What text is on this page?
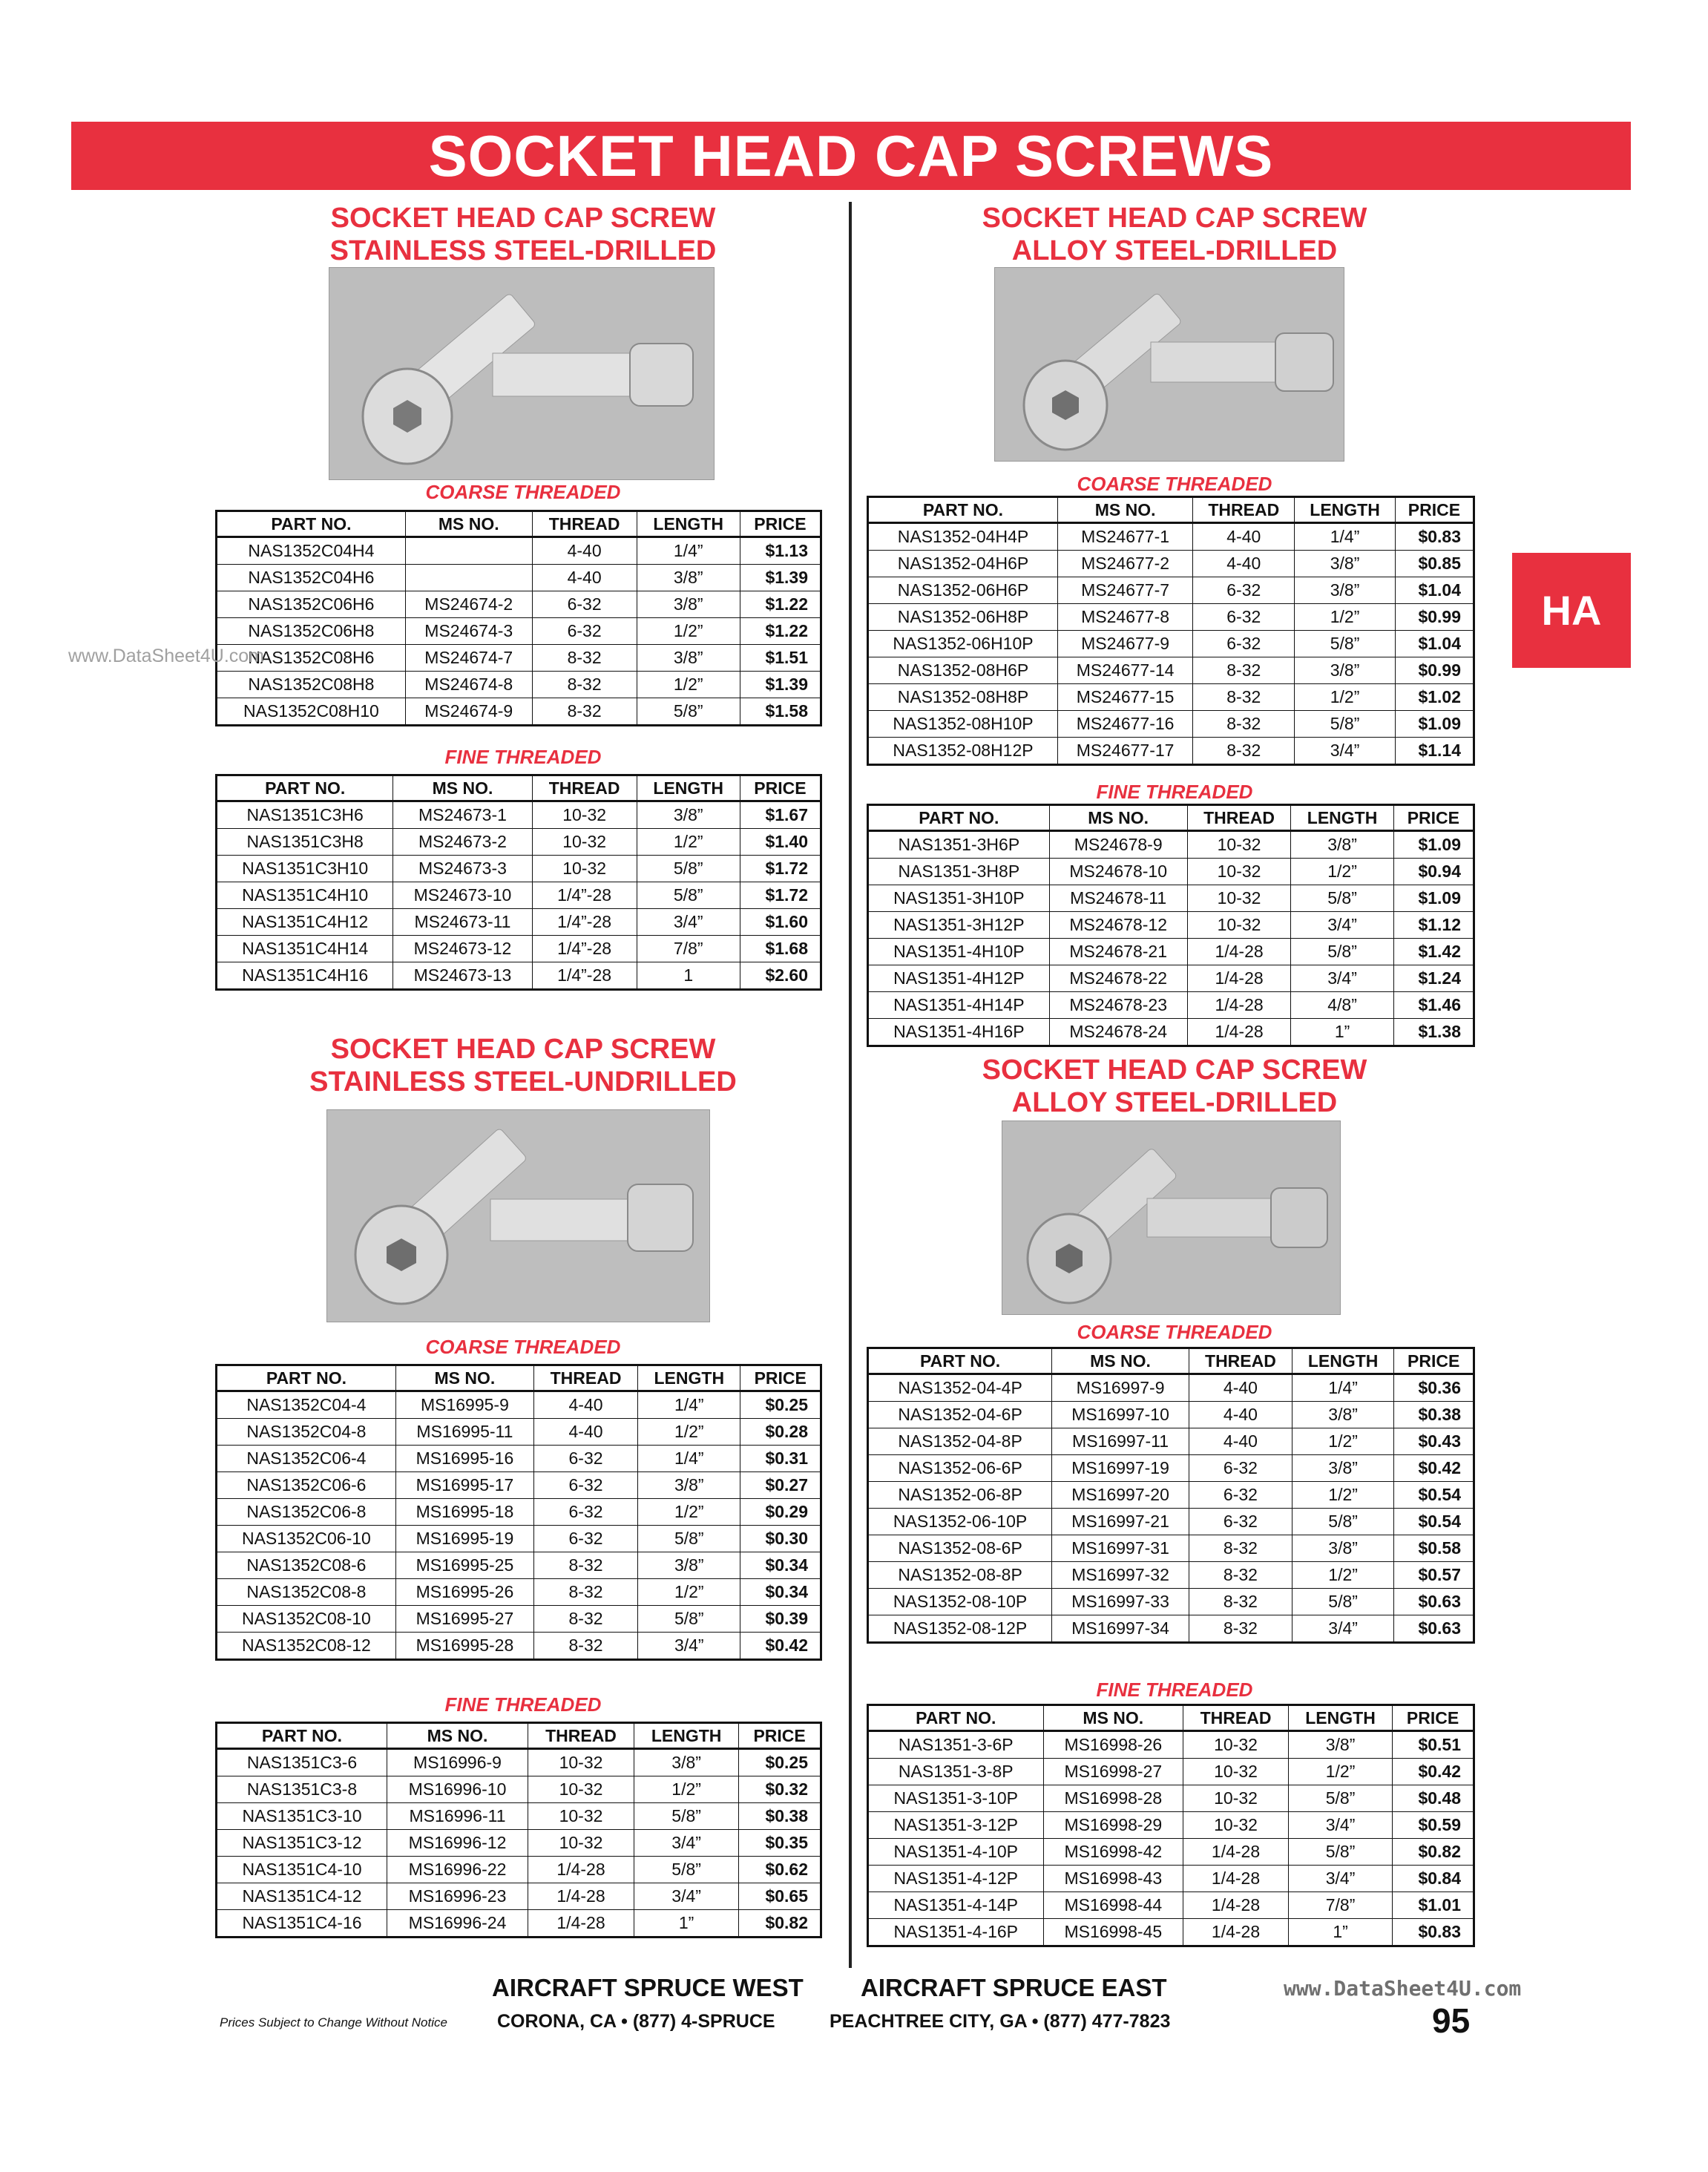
SOCKET HEAD CAP SCREWS
HA
SOCKET HEAD CAP SCREW
STAINLESS STEEL-DRILLED
COARSE THREADED
PART NO.	MS NO.	THREAD	LENGTH	PRICE
NAS1352C04H4		4-40	1/4”	$1.13
NAS1352C04H6		4-40	3/8”	$1.39
NAS1352C06H6	MS24674-2	6-32	3/8”	$1.22
NAS1352C06H8	MS24674-3	6-32	1/2”	$1.22
NAS1352C08H6	MS24674-7	8-32	3/8”	$1.51
NAS1352C08H8	MS24674-8	8-32	1/2”	$1.39
NAS1352C08H10	MS24674-9	8-32	5/8”	$1.58
FINE THREADED
PART NO.	MS NO.	THREAD	LENGTH	PRICE
NAS1351C3H6	MS24673-1	10-32	3/8”	$1.67
NAS1351C3H8	MS24673-2	10-32	1/2”	$1.40
NAS1351C3H10	MS24673-3	10-32	5/8”	$1.72
NAS1351C4H10	MS24673-10	1/4”-28	5/8”	$1.72
NAS1351C4H12	MS24673-11	1/4”-28	3/4”	$1.60
NAS1351C4H14	MS24673-12	1/4”-28	7/8”	$1.68
NAS1351C4H16	MS24673-13	1/4”-28	1	$2.60
SOCKET HEAD CAP SCREW
ALLOY STEEL-DRILLED
COARSE THREADED
PART NO.	MS NO.	THREAD	LENGTH	PRICE
NAS1352-04H4P	MS24677-1	4-40	1/4”	$0.83
NAS1352-04H6P	MS24677-2	4-40	3/8”	$0.85
NAS1352-06H6P	MS24677-7	6-32	3/8”	$1.04
NAS1352-06H8P	MS24677-8	6-32	1/2”	$0.99
NAS1352-06H10P	MS24677-9	6-32	5/8”	$1.04
NAS1352-08H6P	MS24677-14	8-32	3/8”	$0.99
NAS1352-08H8P	MS24677-15	8-32	1/2”	$1.02
NAS1352-08H10P	MS24677-16	8-32	5/8”	$1.09
NAS1352-08H12P	MS24677-17	8-32	3/4”	$1.14
FINE THREADED
PART NO.	MS NO.	THREAD	LENGTH	PRICE
NAS1351-3H6P	MS24678-9	10-32	3/8”	$1.09
NAS1351-3H8P	MS24678-10	10-32	1/2”	$0.94
NAS1351-3H10P	MS24678-11	10-32	5/8”	$1.09
NAS1351-3H12P	MS24678-12	10-32	3/4”	$1.12
NAS1351-4H10P	MS24678-21	1/4-28	5/8”	$1.42
NAS1351-4H12P	MS24678-22	1/4-28	3/4”	$1.24
NAS1351-4H14P	MS24678-23	1/4-28	4/8”	$1.46
NAS1351-4H16P	MS24678-24	1/4-28	1”	$1.38
SOCKET HEAD CAP SCREW
STAINLESS STEEL-UNDRILLED
COARSE THREADED
PART NO.	MS NO.	THREAD	LENGTH	PRICE
NAS1352C04-4	MS16995-9	4-40	1/4”	$0.25
NAS1352C04-8	MS16995-11	4-40	1/2”	$0.28
NAS1352C06-4	MS16995-16	6-32	1/4”	$0.31
NAS1352C06-6	MS16995-17	6-32	3/8”	$0.27
NAS1352C06-8	MS16995-18	6-32	1/2”	$0.29
NAS1352C06-10	MS16995-19	6-32	5/8”	$0.30
NAS1352C08-6	MS16995-25	8-32	3/8”	$0.34
NAS1352C08-8	MS16995-26	8-32	1/2”	$0.34
NAS1352C08-10	MS16995-27	8-32	5/8”	$0.39
NAS1352C08-12	MS16995-28	8-32	3/4”	$0.42
FINE THREADED
PART NO.	MS NO.	THREAD	LENGTH	PRICE
NAS1351C3-6	MS16996-9	10-32	3/8”	$0.25
NAS1351C3-8	MS16996-10	10-32	1/2”	$0.32
NAS1351C3-10	MS16996-11	10-32	5/8”	$0.38
NAS1351C3-12	MS16996-12	10-32	3/4”	$0.35
NAS1351C4-10	MS16996-22	1/4-28	5/8”	$0.62
NAS1351C4-12	MS16996-23	1/4-28	3/4”	$0.65
NAS1351C4-16	MS16996-24	1/4-28	1”	$0.82
SOCKET HEAD CAP SCREW
ALLOY STEEL-DRILLED
COARSE THREADED
PART NO.	MS NO.	THREAD	LENGTH	PRICE
NAS1352-04-4P	MS16997-9	4-40	1/4”	$0.36
NAS1352-04-6P	MS16997-10	4-40	3/8”	$0.38
NAS1352-04-8P	MS16997-11	4-40	1/2”	$0.43
NAS1352-06-6P	MS16997-19	6-32	3/8”	$0.42
NAS1352-06-8P	MS16997-20	6-32	1/2”	$0.54
NAS1352-06-10P	MS16997-21	6-32	5/8”	$0.54
NAS1352-08-6P	MS16997-31	8-32	3/8”	$0.58
NAS1352-08-8P	MS16997-32	8-32	1/2”	$0.57
NAS1352-08-10P	MS16997-33	8-32	5/8”	$0.63
NAS1352-08-12P	MS16997-34	8-32	3/4”	$0.63
FINE THREADED
PART NO.	MS NO.	THREAD	LENGTH	PRICE
NAS1351-3-6P	MS16998-26	10-32	3/8”	$0.51
NAS1351-3-8P	MS16998-27	10-32	1/2”	$0.42
NAS1351-3-10P	MS16998-28	10-32	5/8”	$0.48
NAS1351-3-12P	MS16998-29	10-32	3/4”	$0.59
NAS1351-4-10P	MS16998-42	1/4-28	5/8”	$0.82
NAS1351-4-12P	MS16998-43	1/4-28	3/4”	$0.84
NAS1351-4-14P	MS16998-44	1/4-28	7/8”	$1.01
NAS1351-4-16P	MS16998-45	1/4-28	1”	$0.83
AIRCRAFT SPRUCE WEST AIRCRAFT SPRUCE EAST
CORONA, CA • (877) 4-SPRUCE	PEACHTREE CITY, GA • (877) 477-7823
Prices Subject to Change Without Notice
www.DataSheet4U.com
95
www.DataSheet4U.com
